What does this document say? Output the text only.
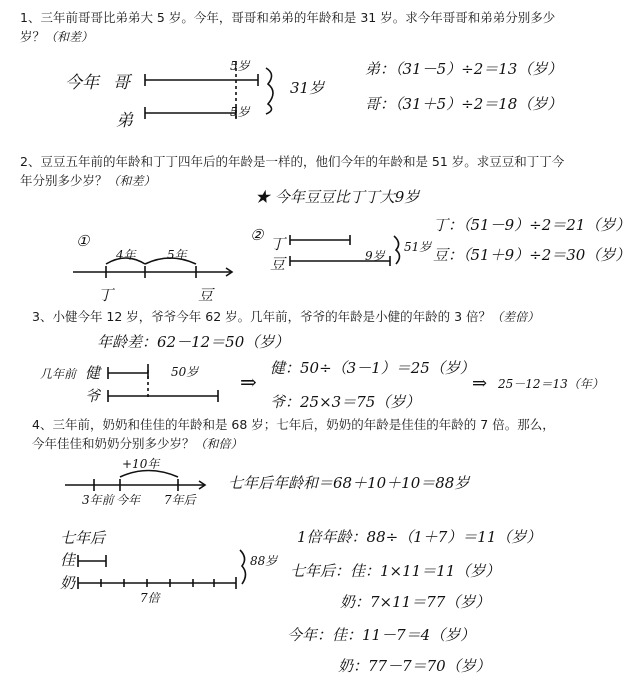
1、三年前哥哥比弟弟大 5 岁。今年，哥哥和弟弟的年龄和是 31 岁。求今年哥哥和弟弟分别多少岁？（和差）
今年 哥
弟
5岁
5岁
31岁
弟：（31－5）÷2＝13（岁）
哥：（31＋5）÷2＝18（岁）
2、豆豆五年前的年龄和丁丁四年后的年龄是一样的，他们今年的年龄和是 51 岁。求豆豆和丁丁今年分别多少岁？（和差）
★ 今年豆豆比丁丁大9岁
①
4年	5年
丁	豆
② 丁
豆	9岁
51岁
丁：（51－9）÷2＝21（岁）
豆：（51＋9）÷2＝30（岁）
3、小健今年 12 岁，爷爷今年 62 岁。几年前，爷爷的年龄是小健的年龄的 3 倍？（差倍）
年龄差：62－12＝50（岁）
几年前 健
爷
50岁 ⇒
健：50÷（3－1）＝25（岁）
爷：25×3＝75（岁）
⇒ 25－12＝13（年）
4、三年前，奶奶和佳佳的年龄和是 68 岁；七年后，奶奶的年龄是佳佳的年龄的 7 倍。那么，今年佳佳和奶奶分别多少岁？（和倍）
+10年
3年前 今年 7年后
七年后年龄和＝68＋10＋10＝88岁
七年后
佳
奶
88岁
7倍
1倍年龄：88÷（1＋7）＝11（岁）
七年后：佳：1×11＝11（岁）
奶：7×11＝77（岁）
今年：佳：11－7＝4（岁）
奶：77－7＝70（岁）
